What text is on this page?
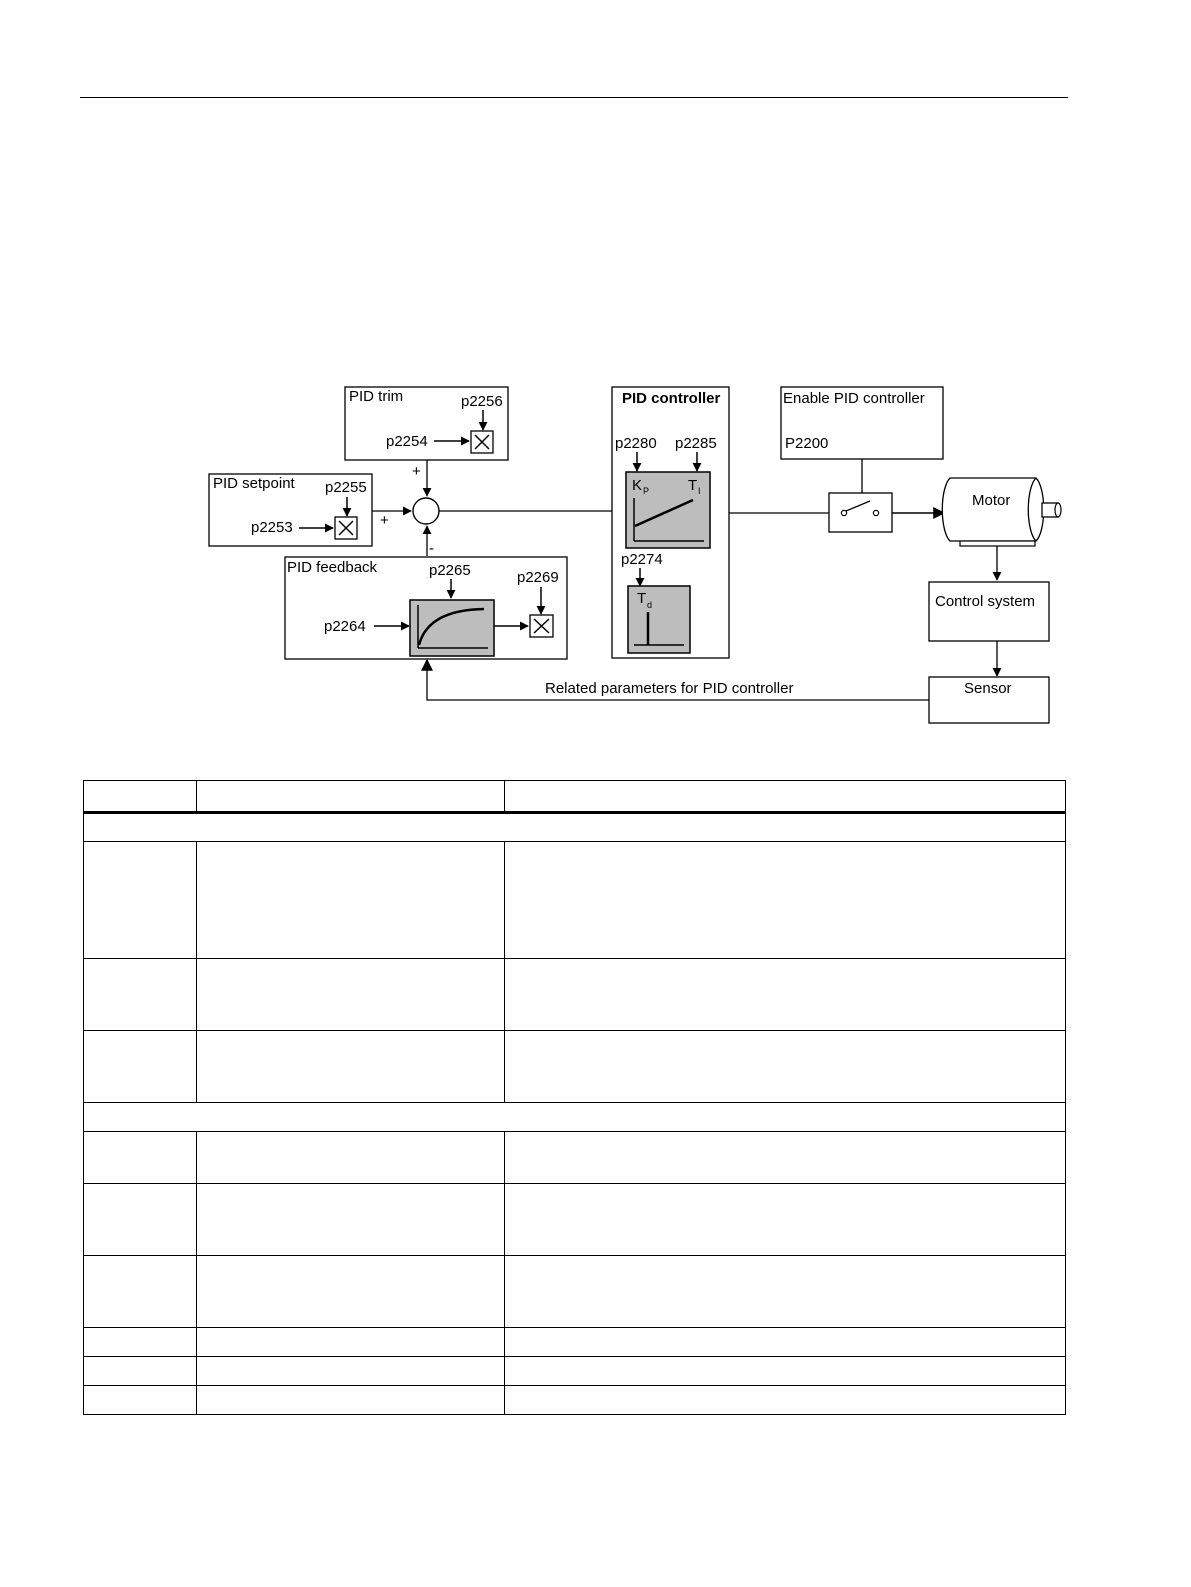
PID trim	p2256
p2254
PID setpoint p2255
p2253
+
+
-
PID feedback	p2265	p2269
p2264
PID controller
p2280 p2285
K P	T I
p2274
T d
Enable PID controller
P2200
Motor
Control system
Sensor
Related parameters for PID controller
